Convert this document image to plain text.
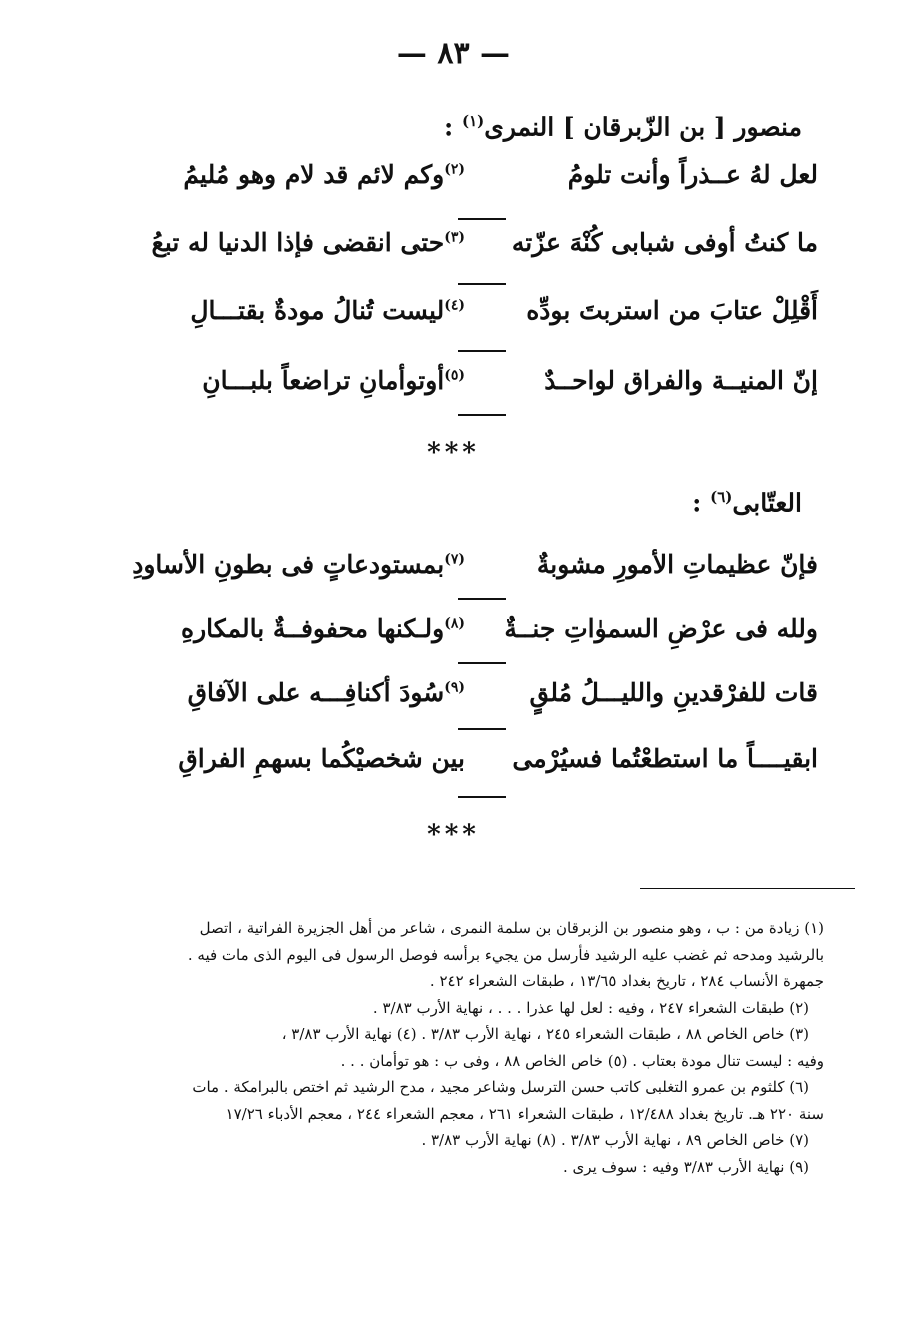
— ٨٣ —
منصور [ بن الزّبرقان ] النمرى$^{(١)}$ :
لعل لهُ عــذراً وأنت تلومُ
$^{(٢)}$وكم لائم قد لام وهو مُليمُ
ما كنتُ أوفى شبابى كُنْهَ عزّته
$^{(٣)}$حتى انقضى فإذا الدنيا له تبعُ
أَقْلِلْ عتابَ من استربتَ بودِّه
$^{(٤)}$ليست تُنالُ مودةٌ بقتـــالِ
إنّ المنيــة والفراق لواحــدٌ
$^{(٥)}$أوتوأمانِ تراضعاً بلبـــانِ
***
العتّابى$^{(٦)}$ :
فإنّ عظيماتِ الأمورِ مشوبةٌ
$^{(٧)}$بمستودعاتٍ فى بطونِ الأساودِ
ولله فى عرْضِ السموٰاتِ جنــةٌ
$^{(٨)}$ولـكنها محفوفــةٌ بالمكارهِ
قات للفرْقدينِ والليـــلُ مُلقٍ
$^{(٩)}$سُودَ أكنافِـــه على الآفاقِ
ابقيــــاً ما استطعْتُما فسيُرْمى
بين شخصيْكُما بسهمِ الفراقِ
***
(١) زيادة من : ب ، وهو منصور بن الزبرقان بن سلمة النمرى ، شاعر من أهل الجزيرة الفراتية ، اتصل
بالرشيد ومدحه ثم غضب عليه الرشيد فأرسل من يجيء برأسه فوصل الرسول فى اليوم الذى مات فيه .
جمهرة الأنساب ٢٨٤ ، تاريخ بغداد ١٣/٦٥ ، طبقات الشعراء ٢٤٢ .
(٢) طبقات الشعراء ٢٤٧ ، وفيه : لعل لها عذرا . . . ، نهاية الأرب ٣/٨٣ .
(٣) خاص الخاص ٨٨ ، طبقات الشعراء ٢٤٥ ، نهاية الأرب ٣/٨٣ . (٤) نهاية الأرب ٣/٨٣ ،
وفيه : ليست تنال مودة بعتاب . (٥) خاص الخاص ٨٨ ، وفى ب : هو توأمان . . .
(٦) كلثوم بن عمرو التغلبى كاتب حسن الترسل وشاعر مجيد ، مدح الرشيد ثم اختص بالبرامكة . مات
سنة ٢٢٠ هـ. تاريخ بغداد ١٢/٤٨٨ ، طبقات الشعراء ٢٦١ ، معجم الشعراء ٢٤٤ ، معجم الأدباء ١٧/٢٦
(٧) خاص الخاص ٨٩ ، نهاية الأرب ٣/٨٣ . (٨) نهاية الأرب ٣/٨٣ .
(٩) نهاية الأرب ٣/٨٣ وفيه : سوف يرى .
